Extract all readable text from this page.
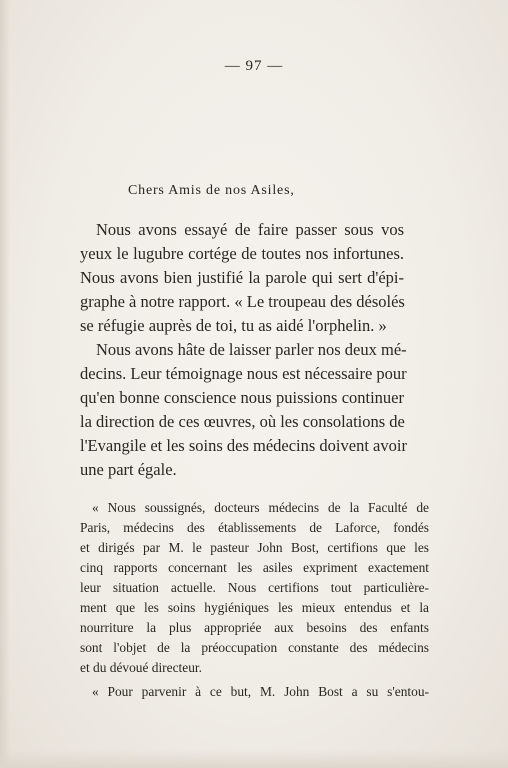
— 97 —
Chers Amis de nos Asiles,
Nous avons essayé de faire passer sous vos
yeux le lugubre cortége de toutes nos infortunes.
Nous avons bien justifié la parole qui sert d'épi-
graphe à notre rapport. « Le troupeau des désolés
se réfugie auprès de toi, tu as aidé l'orphelin. »
Nous avons hâte de laisser parler nos deux mé-
decins. Leur témoignage nous est nécessaire pour
qu'en bonne conscience nous puissions continuer
la direction de ces œuvres, où les consolations de
l'Evangile et les soins des médecins doivent avoir
une part égale.
« Nous soussignés, docteurs médecins de la Faculté de
Paris, médecins des établissements de Laforce, fondés
et dirigés par M. le pasteur John Bost, certifions que les
cinq rapports concernant les asiles expriment exactement
leur situation actuelle. Nous certifions tout particulière-
ment que les soins hygiéniques les mieux entendus et la
nourriture la plus appropriée aux besoins des enfants
sont l'objet de la préoccupation constante des médecins
et du dévoué directeur.
« Pour parvenir à ce but, M. John Bost a su s'entou-
